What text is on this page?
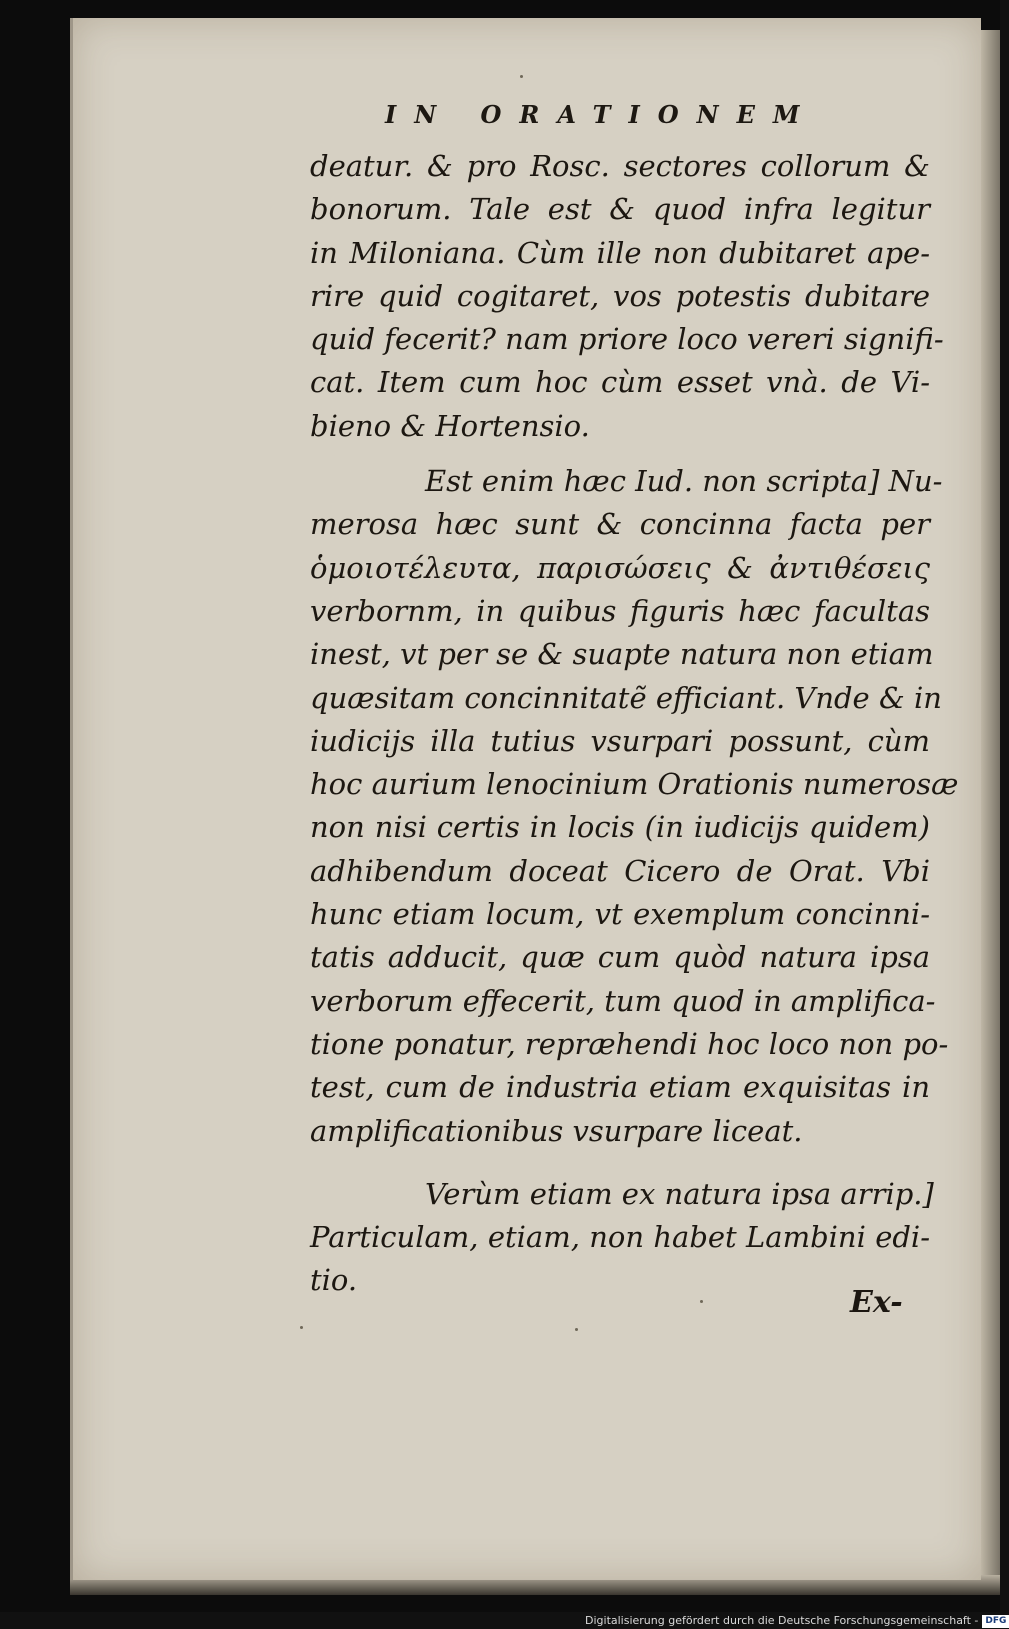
IN ORATIONEM
deatur. & pro Rosc. sectores collorum &
bonorum. Tale est & quod infra legitur
in Miloniana. Cùm ille non dubitaret ape-
rire quid cogitaret, vos potestis dubitare
quid fecerit? nam priore loco vereri signifi-
cat. Item cum hoc cùm esset vnà. de Vi-
bieno & Hortensio.
Est enim hæc Iud. non scripta] Nu-
merosa hæc sunt & concinna facta per
ὁμοιοτέλευτα, παρισώσεις & ἀντιθέσεις
verbornm, in quibus figuris hæc facultas
inest, vt per se & suapte natura non etiam
quæsitam concinnitatẽ efficiant. Vnde & in
iudicijs illa tutius vsurpari possunt, cùm
hoc aurium lenocinium Orationis numerosæ
non nisi certis in locis (in iudicijs quidem)
adhibendum doceat Cicero de Orat. Vbi
hunc etiam locum, vt exemplum concinni-
tatis adducit, quæ cum quòd natura ipsa
verborum effecerit, tum quod in amplifica-
tione ponatur, repræhendi hoc loco non po-
test, cum de industria etiam exquisitas in
amplificationibus vsurpare liceat.
Verùm etiam ex natura ipsa arrip.]
Particulam, etiam, non habet Lambini edi-
tio.
Ex-
Digitalisierung gefördert durch die Deutsche Forschungsgemeinschaft - DFG
